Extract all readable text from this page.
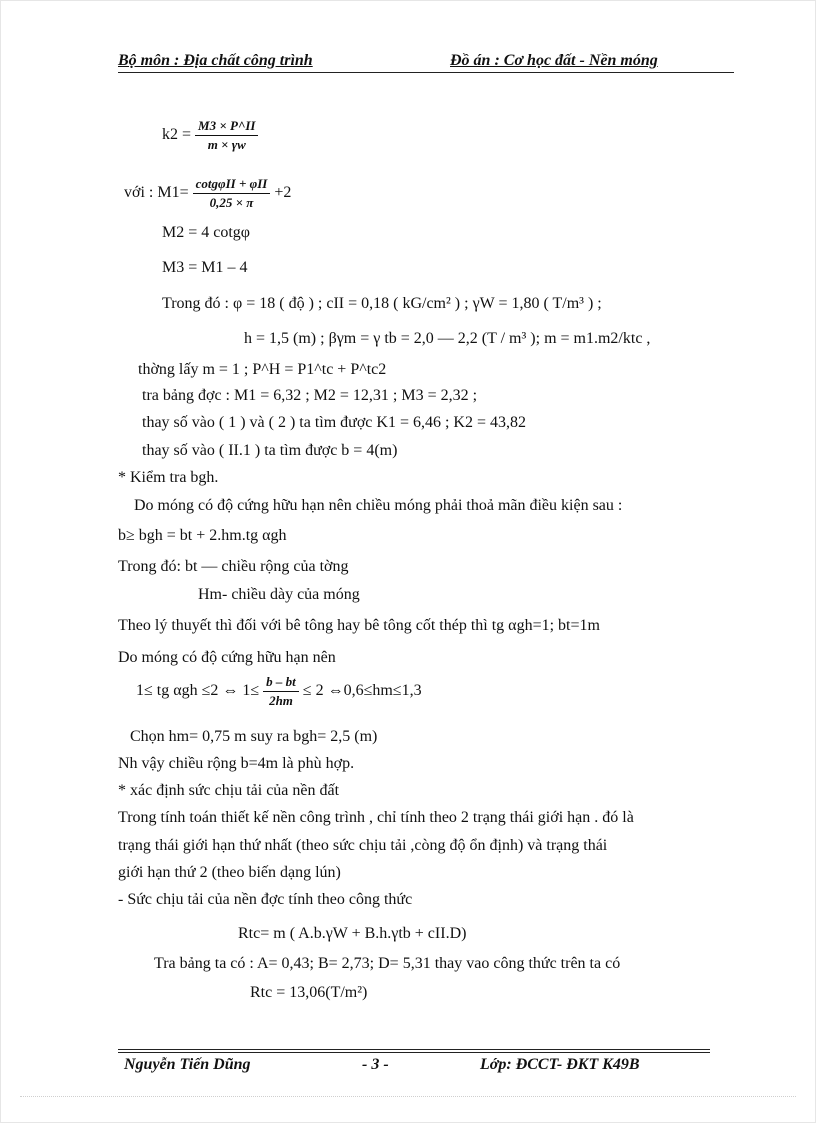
Bộ môn : Địa chất công trình	Đồ án : Cơ học đất - Nền móng
$k2 = \frac{M3 \times P\^{}II}{m \times \gamma w}$
với : $M1= \frac{\text{cotgφII + φII}}{0,25 \times \pi} +2$
M2 = 4 cotgφ
M3 = M1 – 4
Trong đó : φ = 18 ( độ ) ; cII = 0,18 ( kG/cm² ) ; γW = 1,80 ( T/m³ ) ;
h = 1,5 (m) ; βγm = γ tb = 2,0 — 2,2 (T / m³ ); m = m1.m2/ktc ,
thờng lấy m = 1 ; P^H = P1^tc + P^tc2
tra bảng đợc : M1 = 6,32 ; M2 = 12,31 ; M3 = 2,32 ;
thay số vào ( 1 ) và ( 2 ) ta tìm được K1 = 6,46 ; K2 = 43,82
thay số vào ( II.1 ) ta tìm được b = 4(m)
* Kiểm tra bgh.
Do móng có độ cứng hữu hạn nên chiều móng phải thoả mãn điều kiện sau :
b≥ bgh = bt + 2.hm.tg αgh
Trong đó: bt — chiều rộng của tờng
Hm- chiều dày của móng
Theo lý thuyết thì đối với bê tông hay bê tông cốt thép thì tg αgh=1; bt=1m
Do móng có độ cứng hữu hạn nên
1≤ tg αgh ≤2 ⇔ $1\le \frac{b - bt}{2hm} \le 2$ ⇔0,6≤hm≤1,3
Chọn hm= 0,75 m suy ra bgh= 2,5 (m)
Nh vậy chiều rộng b=4m là phù hợp.
* xác định sức chịu tải của nền đất
Trong tính toán thiết kế nền công trình , chỉ tính theo 2 trạng thái giới hạn . đó là
trạng thái giới hạn thứ nhất (theo sức chịu tải ,còng độ ổn định) và trạng thái
giới hạn thứ 2 (theo biến dạng lún)
- Sức chịu tải của nền đợc tính theo công thức
Rtc= m ( A.b.γW + B.h.γtb + cII.D)
Tra bảng ta có : A= 0,43; B= 2,73; D= 5,31 thay vao công thức trên ta có
Rtc = 13,06(T/m²)
Nguyễn Tiến Dũng	- 3 -	Lớp: ĐCCT- ĐKT K49B
